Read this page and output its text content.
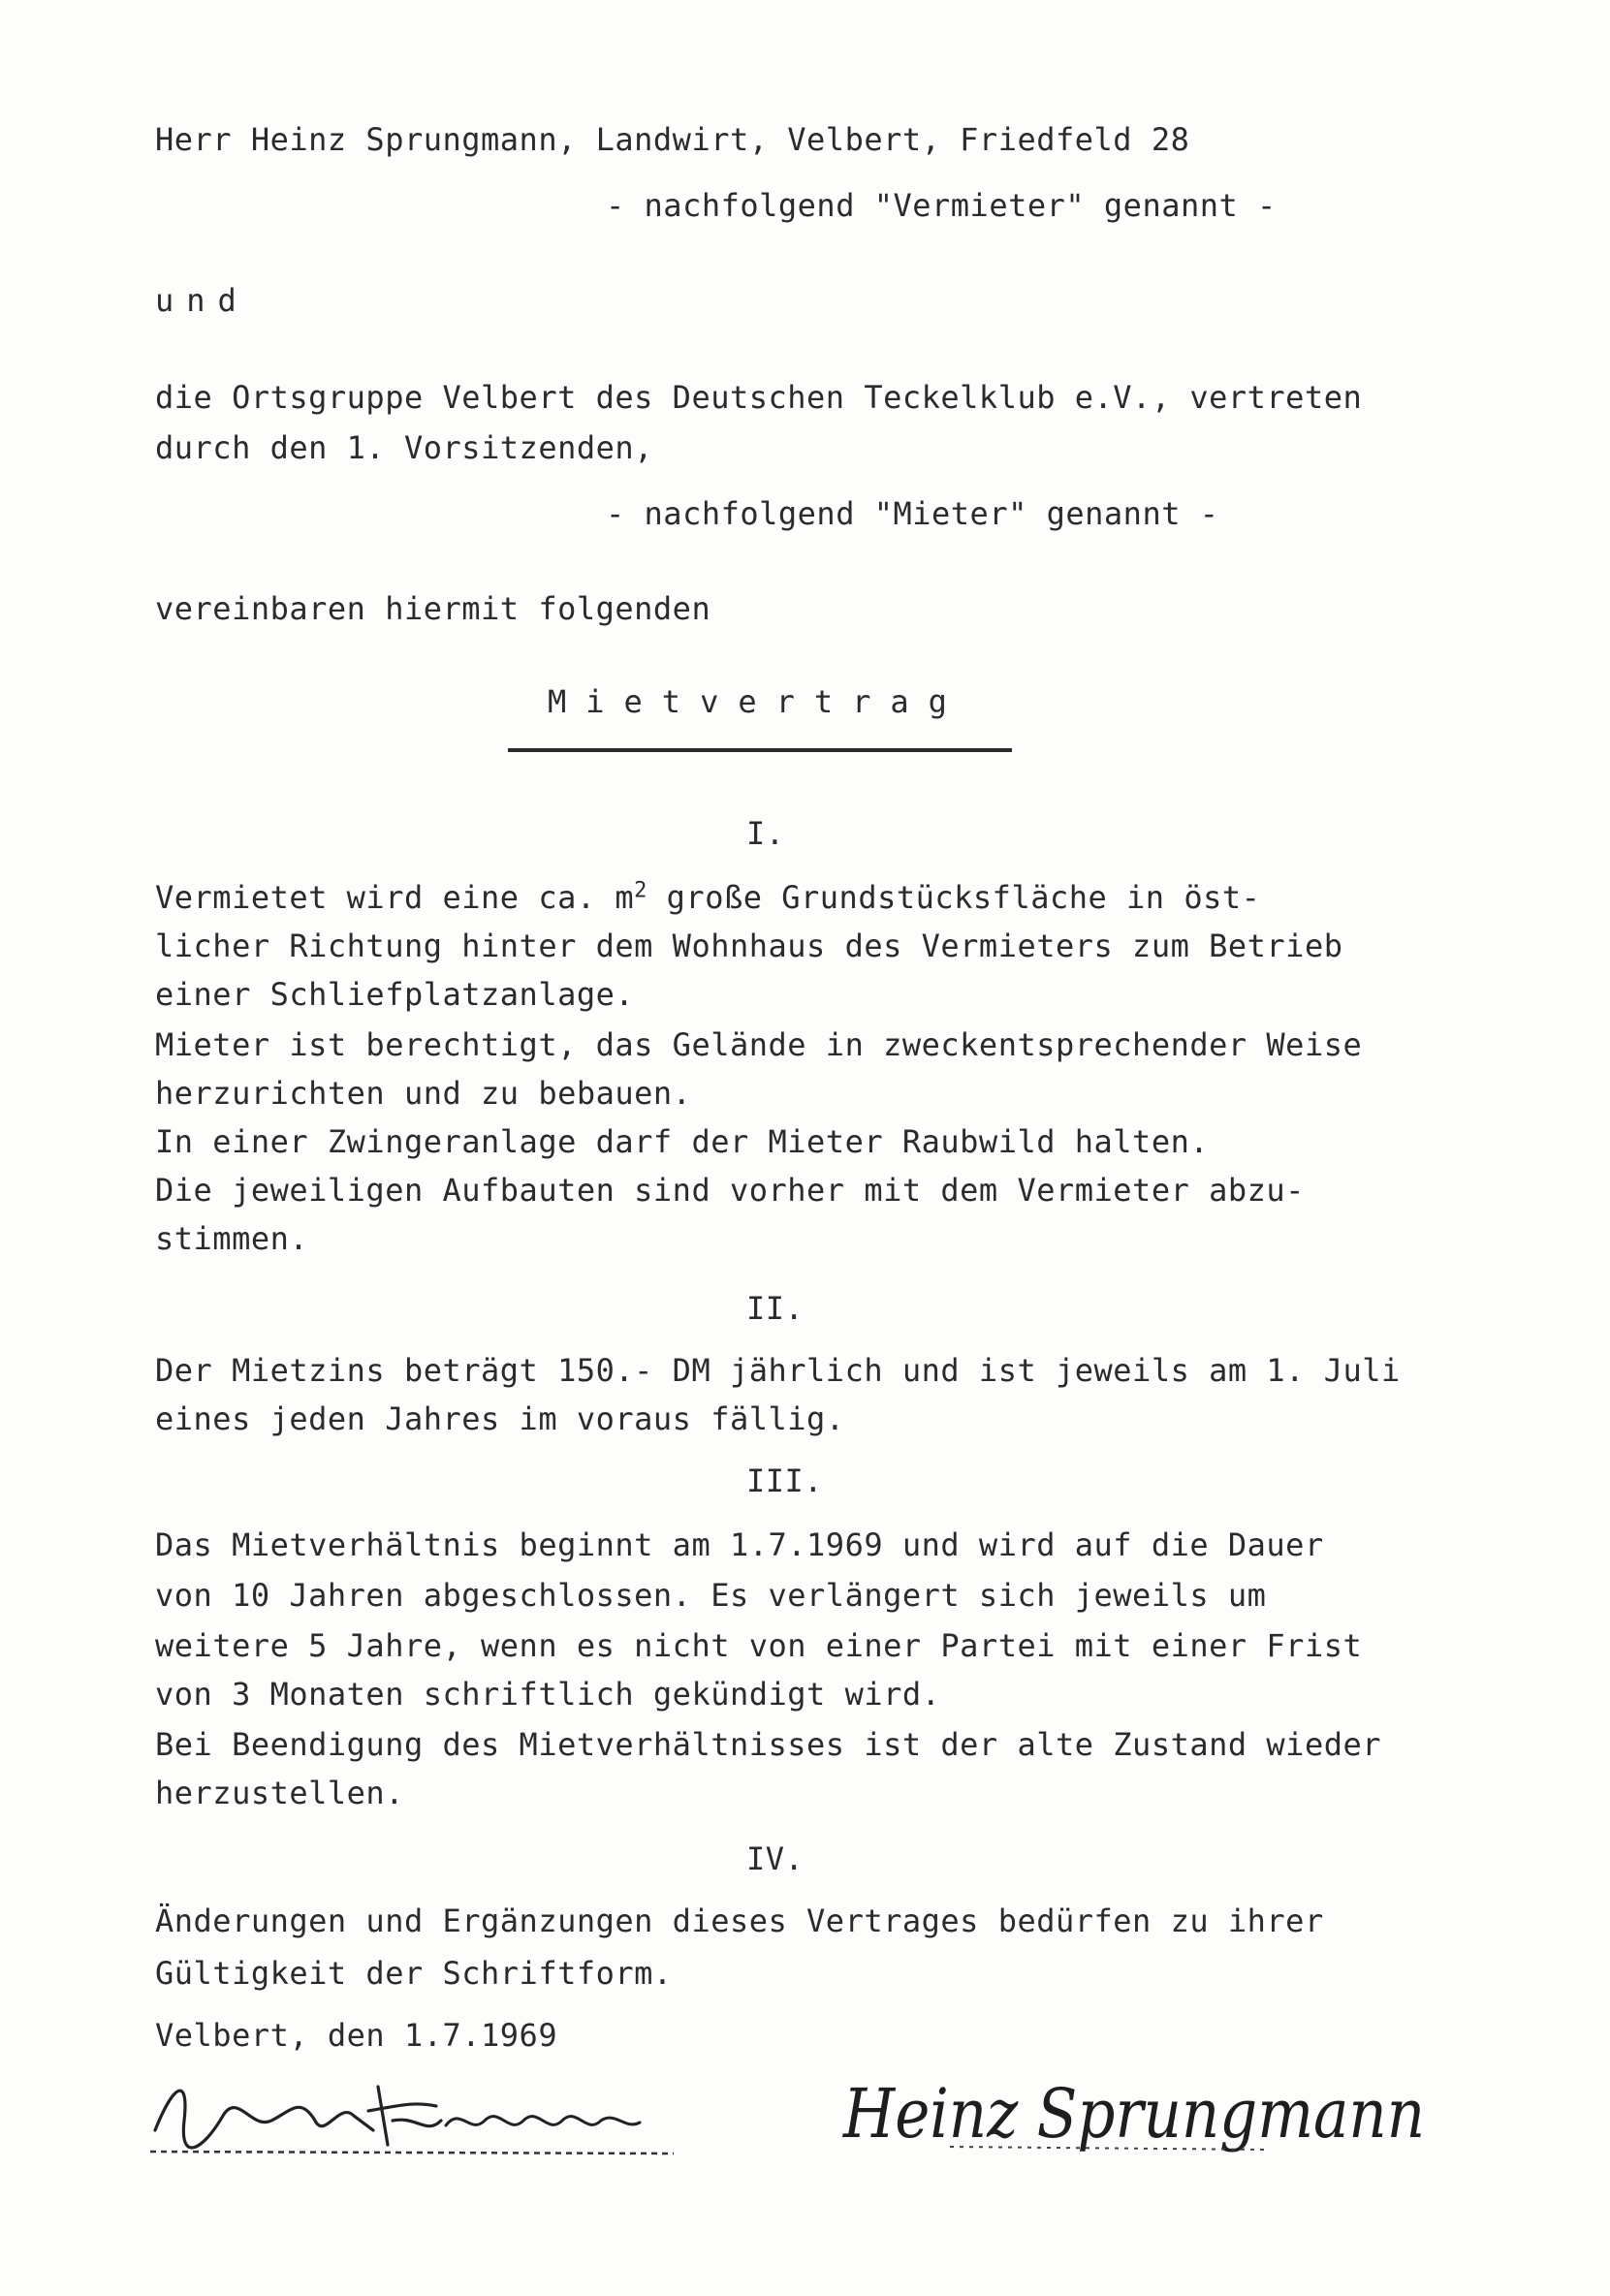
Herr Heinz Sprungmann, Landwirt, Velbert, Friedfeld 28
- nachfolgend "Vermieter" genannt -
und
die Ortsgruppe Velbert des Deutschen Teckelklub e.V., vertreten
durch den 1. Vorsitzenden,
- nachfolgend "Mieter" genannt -
vereinbaren hiermit folgenden
Mietvertrag
I.
Vermietet wird eine ca. $m^2$ große Grundstücksfläche in öst-
licher Richtung hinter dem Wohnhaus des Vermieters zum Betrieb
einer Schliefplatzanlage.
Mieter ist berechtigt, das Gelände in zweckentsprechender Weise
herzurichten und zu bebauen.
In einer Zwingeranlage darf der Mieter Raubwild halten.
Die jeweiligen Aufbauten sind vorher mit dem Vermieter abzu-
stimmen.
II.
Der Mietzins beträgt 150.- DM jährlich und ist jeweils am 1. Juli
eines jeden Jahres im voraus fällig.
III.
Das Mietverhältnis beginnt am 1.7.1969 und wird auf die Dauer
von 10 Jahren abgeschlossen. Es verlängert sich jeweils um
weitere 5 Jahre, wenn es nicht von einer Partei mit einer Frist
von 3 Monaten schriftlich gekündigt wird.
Bei Beendigung des Mietverhältnisses ist der alte Zustand wieder
herzustellen.
IV.
Änderungen und Ergänzungen dieses Vertrages bedürfen zu ihrer
Gültigkeit der Schriftform.
Velbert, den 1.7.1969
Heinz Sprungmann
